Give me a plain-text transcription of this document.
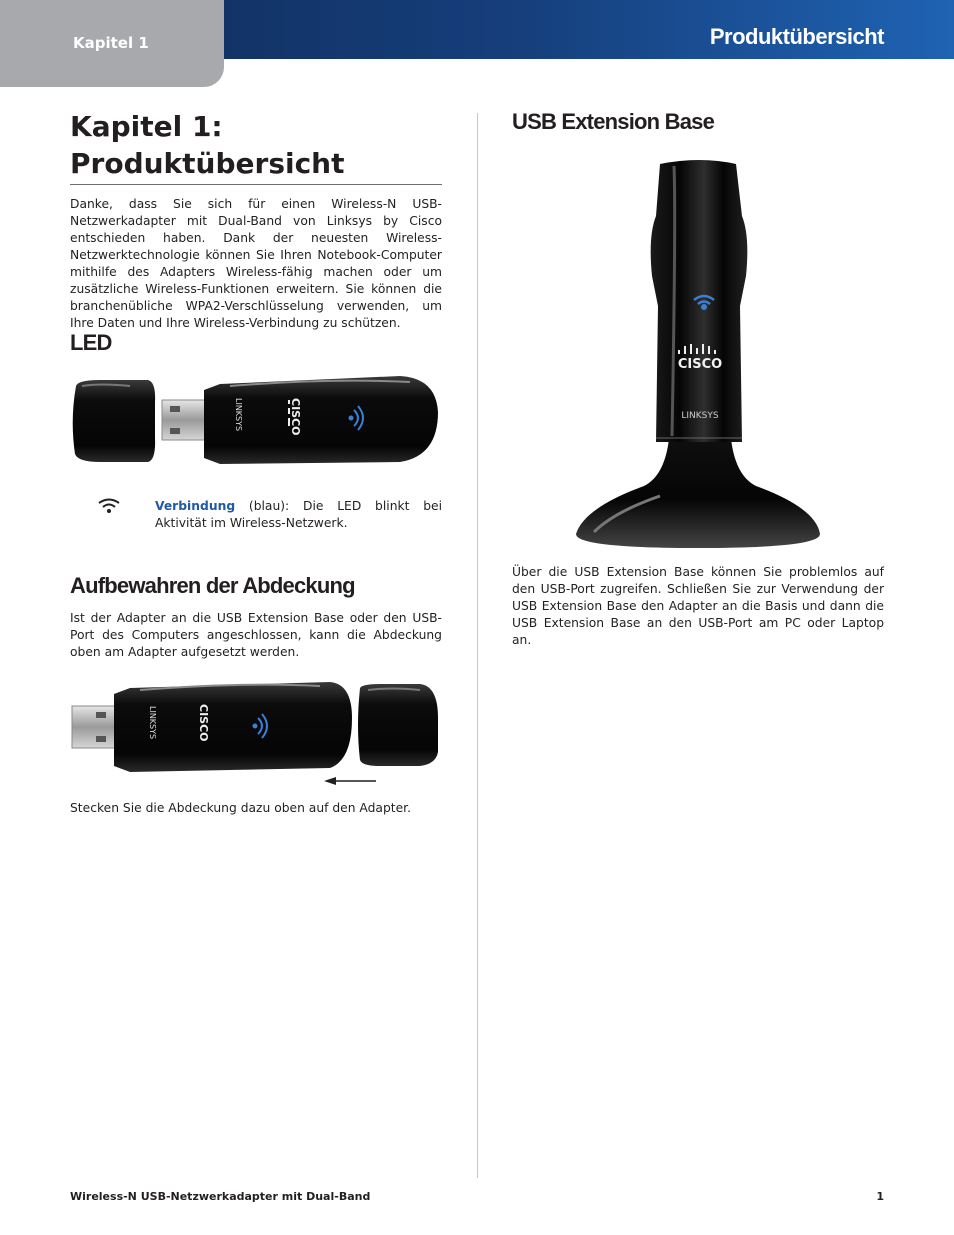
Kapitel 1	Produktübersicht
Kapitel 1:
Produktübersicht
Danke, dass Sie sich für einen Wireless-N USB-Netzwerkadapter mit Dual-Band von Linksys by Cisco entschieden haben. Dank der neuesten Wireless-Netzwerktechnologie können Sie Ihren Notebook-Computer mithilfe des Adapters Wireless-fähig machen oder um zusätzliche Wireless-Funktionen erweitern. Sie können die branchenübliche WPA2-Verschlüsselung verwenden, um Ihre Daten und Ihre Wireless-Verbindung zu schützen.
LED
LINKSYS	CISCO
Verbindung (blau): Die LED blinkt bei Aktivität im Wireless-Netzwerk.
Aufbewahren der Abdeckung
Ist der Adapter an die USB Extension Base oder den USB-Port des Computers angeschlossen, kann die Abdeckung oben am Adapter aufgesetzt werden.
LINKSYS	CISCO
Stecken Sie die Abdeckung dazu oben auf den Adapter.
USB Extension Base
CISCO
LINKSYS
Über die USB Extension Base können Sie problemlos auf den USB-Port zugreifen. Schließen Sie zur Verwendung der USB Extension Base den Adapter an die Basis und dann die USB Extension Base an den USB-Port am PC oder Laptop an.
Wireless-N USB-Netzwerkadapter mit Dual-Band	1
